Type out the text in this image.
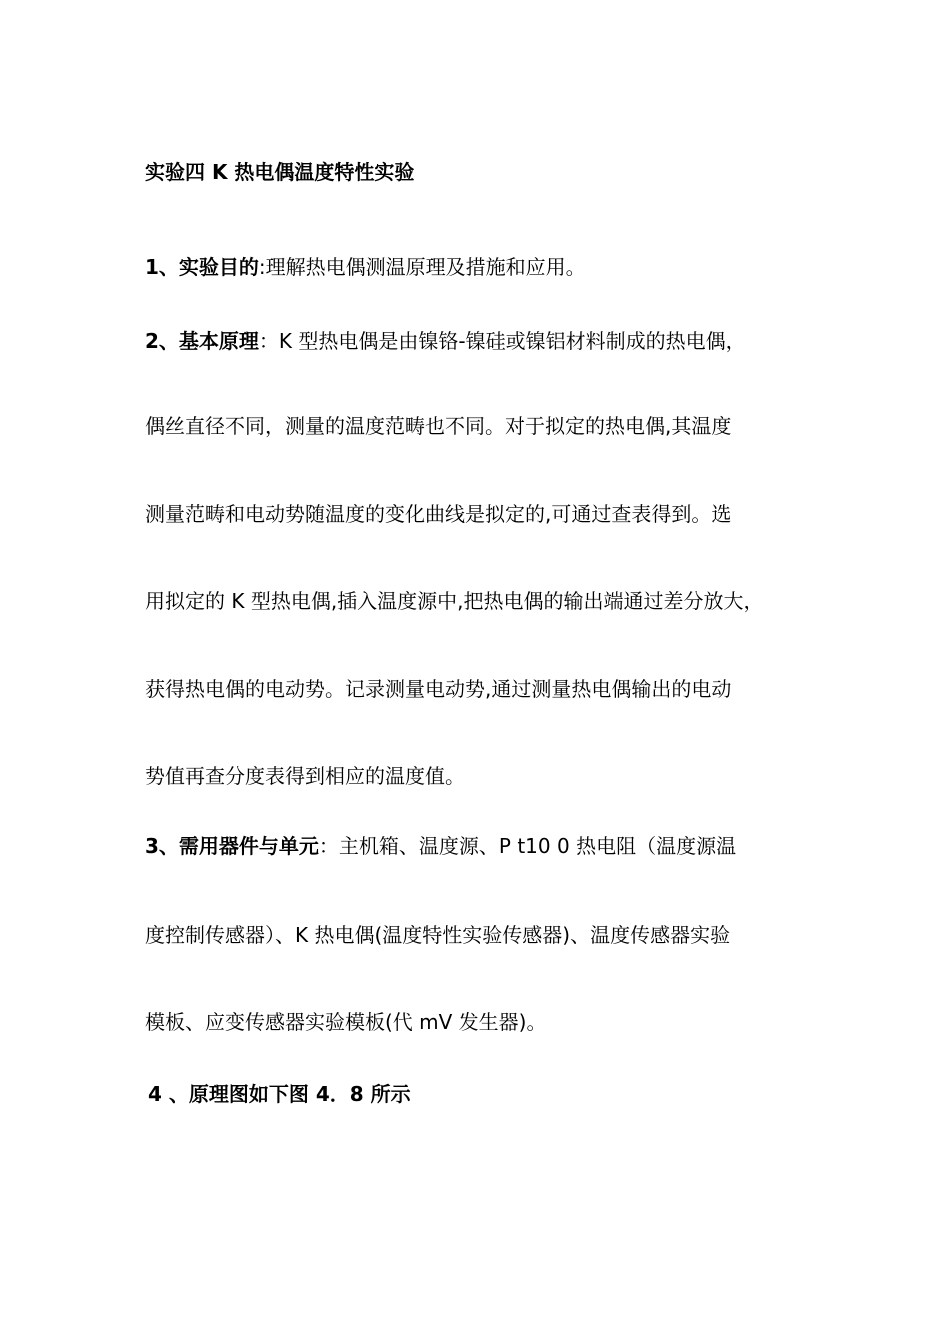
实验四 K 热电偶温度特性实验
1、实验目的:理解热电偶测温原理及措施和应用。
2、基本原理：K 型热电偶是由镍铬-镍硅或镍铝材料制成的热电偶，
偶丝直径不同，测量的温度范畴也不同。对于拟定的热电偶,其温度
测量范畴和电动势随温度的变化曲线是拟定的,可通过查表得到。选
用拟定的 K 型热电偶,插入温度源中,把热电偶的输出端通过差分放大，
获得热电偶的电动势。记录测量电动势,通过测量热电偶输出的电动
势值再查分度表得到相应的温度值。
3、需用器件与单元：主机箱、温度源、P t10 0 热电阻（温度源温
度控制传感器）、K 热电偶(温度特性实验传感器)、温度传感器实验
模板、应变传感器实验模板(代 mV 发生器)。
4 、原理图如下图 4．8 所示
